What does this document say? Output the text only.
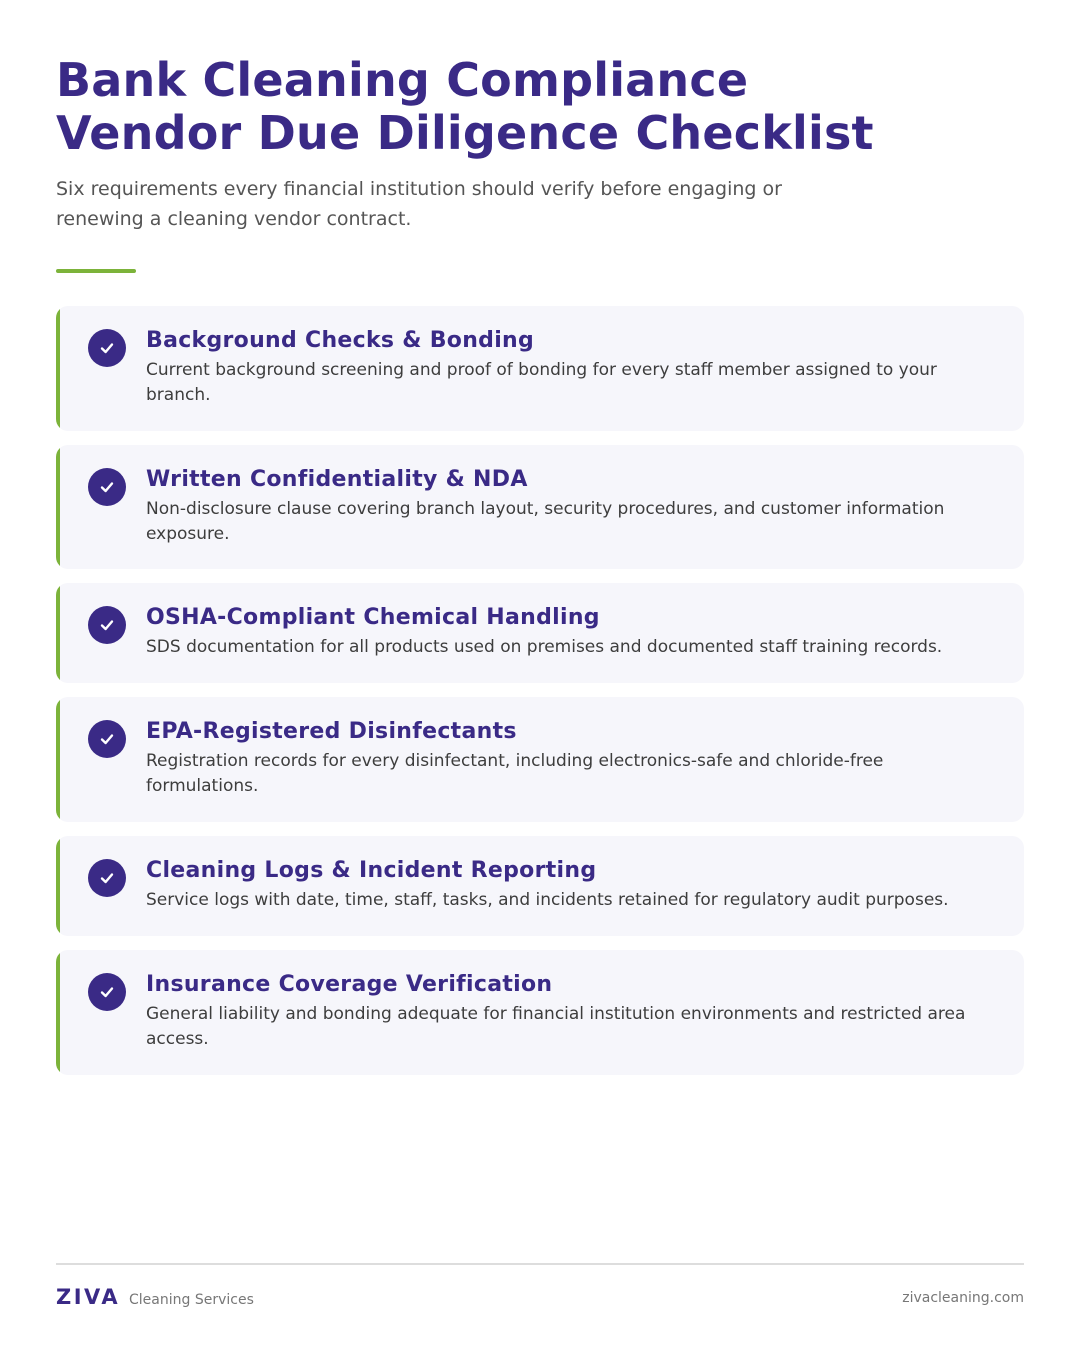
Bank Cleaning Compliance
Vendor Due Diligence Checklist

Six requirements every financial institution should verify before engaging or renewing a cleaning vendor contract.

Background Checks & Bonding

Current background screening and proof of bonding for every staff member assigned to your branch.

Written Confidentiality & NDA

Non-disclosure clause covering branch layout, security procedures, and customer information exposure.

OSHA-Compliant Chemical Handling

SDS documentation for all products used on premises and documented staff training records.

EPA-Registered Disinfectants

Registration records for every disinfectant, including electronics-safe and chloride-free formulations.

Cleaning Logs & Incident Reporting

Service logs with date, time, staff, tasks, and incidents retained for regulatory audit purposes.

Insurance Coverage Verification

General liability and bonding adequate for financial institution environments and restricted area access.

ZIVA Cleaning Services	zivacleaning.com
